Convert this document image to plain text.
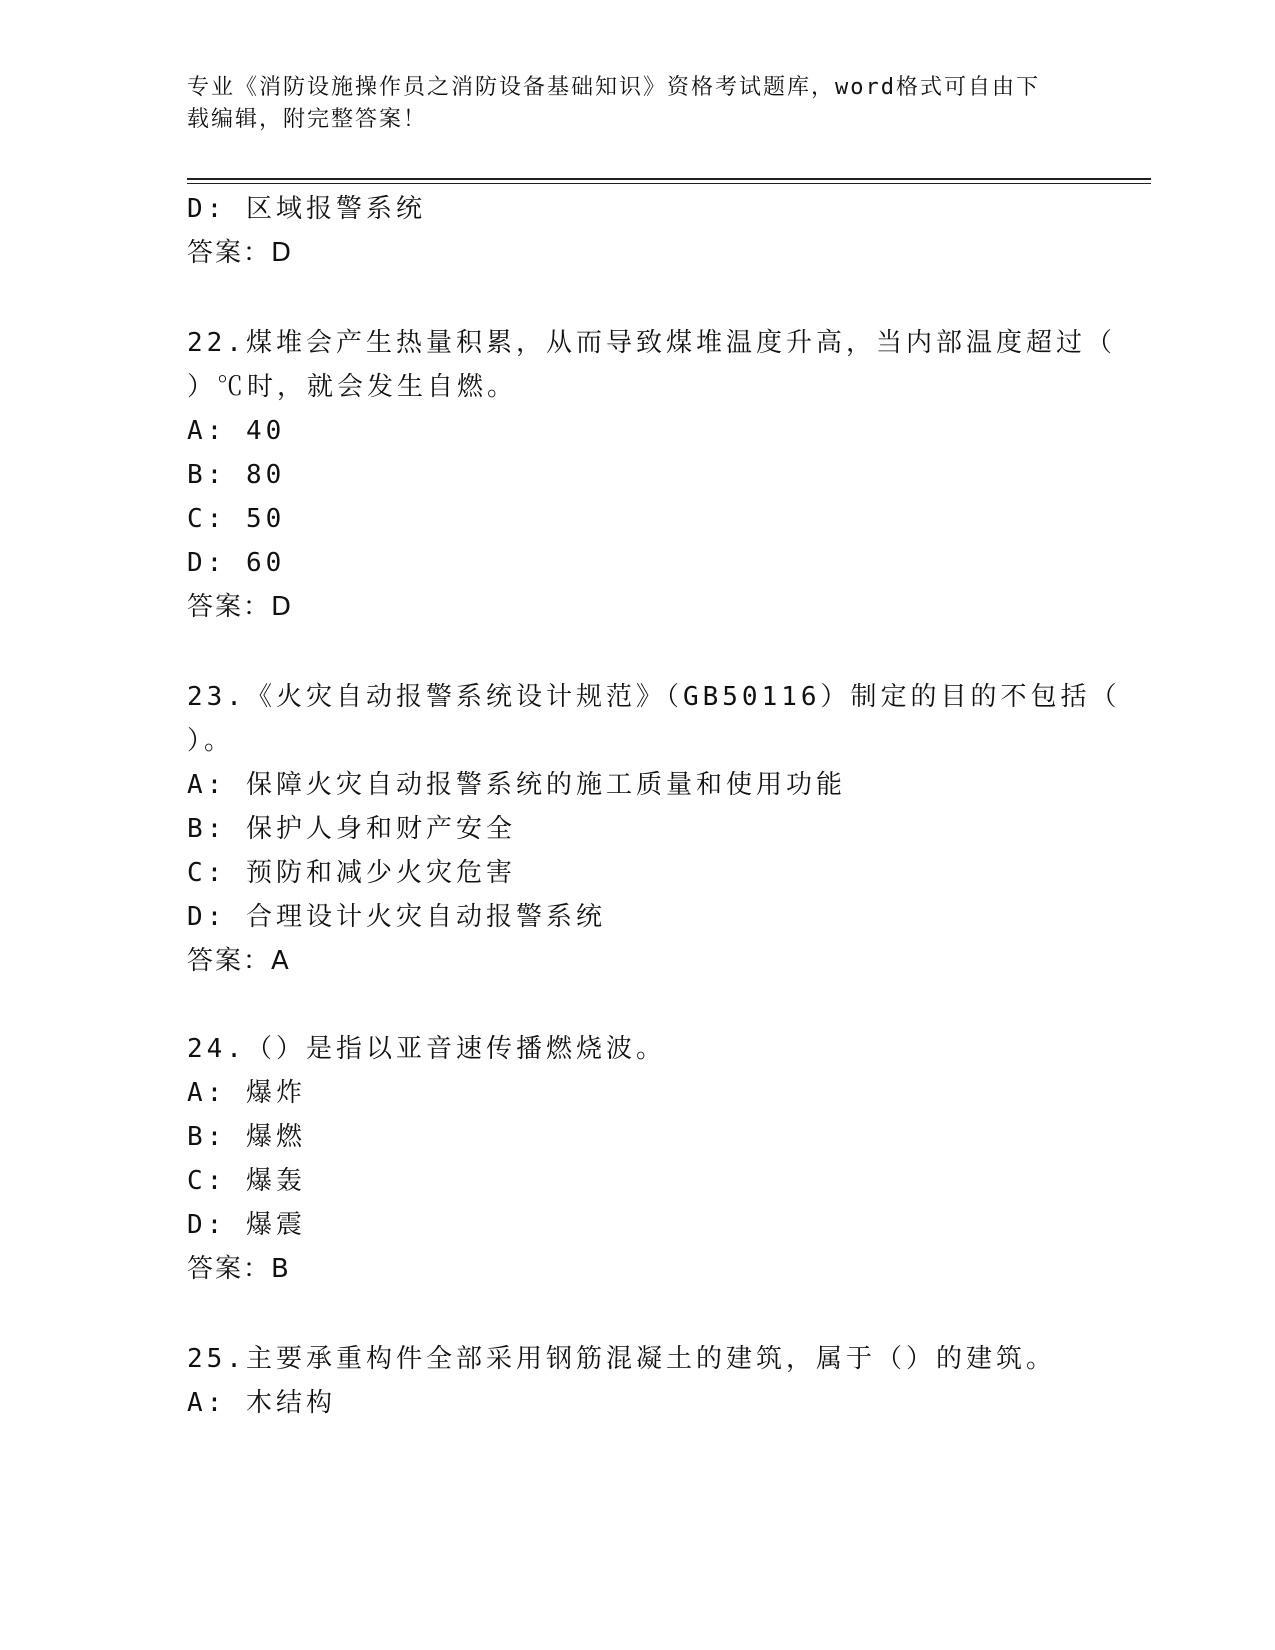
专业《消防设施操作员之消防设备基础知识》资格考试题库，word格式可自由下
载编辑，附完整答案！
D: 区域报警系统
答案：D
22.煤堆会产生热量积累，从而导致煤堆温度升高，当内部温度超过（
）℃时，就会发生自燃。
A: 40
B: 80
C: 50
D: 60
答案：D
23.《火灾自动报警系统设计规范》（GB50116）制定的目的不包括（
）。
A: 保障火灾自动报警系统的施工质量和使用功能
B: 保护人身和财产安全
C: 预防和减少火灾危害
D: 合理设计火灾自动报警系统
答案：A
24.（）是指以亚音速传播燃烧波。
A: 爆炸
B: 爆燃
C: 爆轰
D: 爆震
答案：B
25.主要承重构件全部采用钢筋混凝土的建筑，属于（）的建筑。
A: 木结构
